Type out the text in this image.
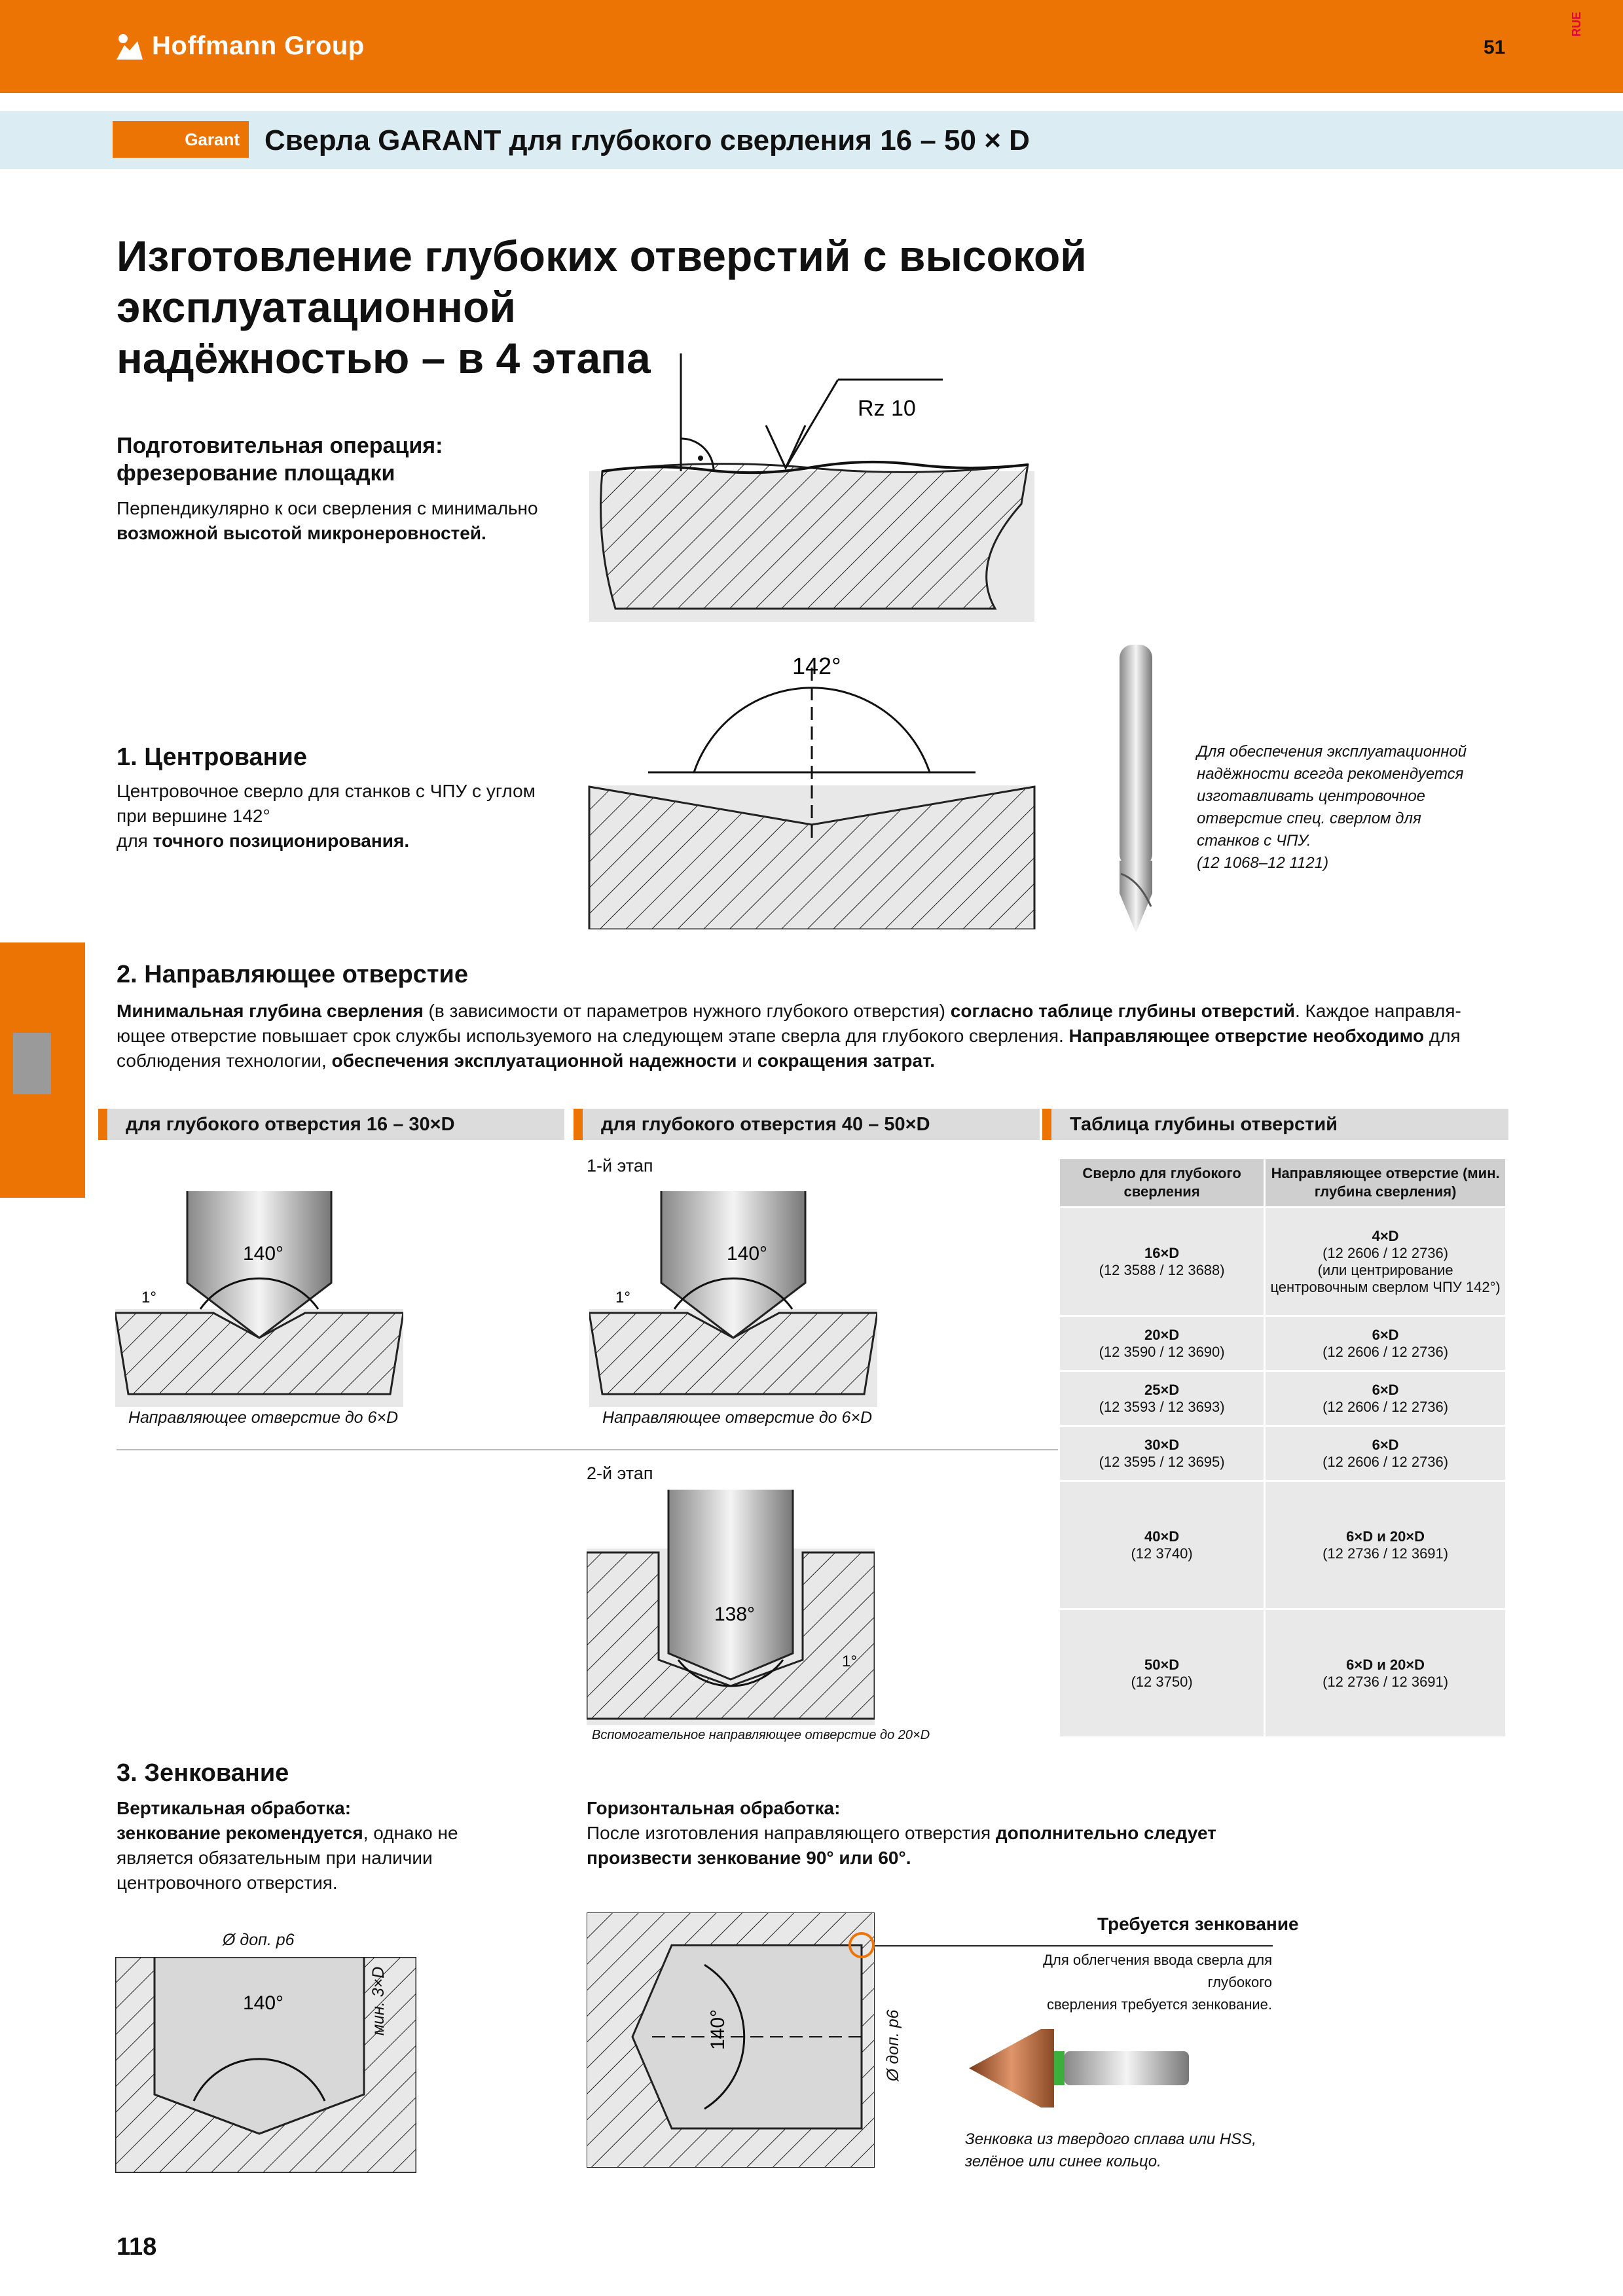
Hoffmann Group	51
RUE
Garant Сверла GARANT для глубокого сверления 16 – 50 × D
Изготовление глубоких отверстий с высокой эксплуатационной
надёжностью – в 4 этапа
Подготовительная операция:
фрезерование площадки
Перпендикулярно к оси сверления с минимально
возможной высотой микронеровностей.
Rz 10
1. Центрование
Центровочное сверло для станков с ЧПУ с углом
при вершине 142°
для точного позиционирования.
142°
Для обеспечения эксплуатационной
надёжности всегда рекомендуется
изготавливать центровочное
отверстие спец. сверлом для
станков с ЧПУ.
(12 1068–12 1121)
2. Направляющее отверстие
Минимальная глубина сверления (в зависимости от параметров нужного глубокого отверстия) согласно таблице глубины отверстий. Каждое направля-
ющее отверстие повышает срок службы используемого на следующем этапе сверла для глубокого сверления. Направляющее отверстие необходимо для
соблюдения технологии, обеспечения эксплуатационной надежности и сокращения затрат.
для глубокого отверстия 16 – 30×D	для глубокого отверстия 40 – 50×D	Таблица глубины отверстий
1-й этап
140°
1°
Направляющее отверстие до 6×D
140°
1°
Направляющее отверстие до 6×D
2-й этап
138°
1°
Вспомогательное направляющее отверстие до 20×D
Сверло для глубокого сверления	Направляющее отверстие (мин. глубина сверления)
16×D
(12 3588 / 12 3688)	4×D
(12 2606 / 12 2736)
(или центрирование центровочным сверлом ЧПУ 142°)
20×D
(12 3590 / 12 3690)	6×D
(12 2606 / 12 2736)
25×D
(12 3593 / 12 3693)	6×D
(12 2606 / 12 2736)
30×D
(12 3595 / 12 3695)	6×D
(12 2606 / 12 2736)
40×D
(12 3740)	6×D и 20×D
(12 2736 / 12 3691)
50×D
(12 3750)	6×D и 20×D
(12 2736 / 12 3691)
3. Зенкование
Вертикальная обработка:
зенкование рекомендуется, однако не
является обязательным при наличии
центровочного отверстия.
Горизонтальная обработка:
После изготовления направляющего отверстия дополнительно следует
произвести зенкование 90° или 60°.
Ø доп. p6
140°	мин. 3×D	140°	Ø доп. p6
Требуется зенкование
Для облегчения ввода сверла для глубокого
сверления требуется зенкование.
Зенковка из твердого сплава или HSS,
зелёное или синее кольцо.
118
